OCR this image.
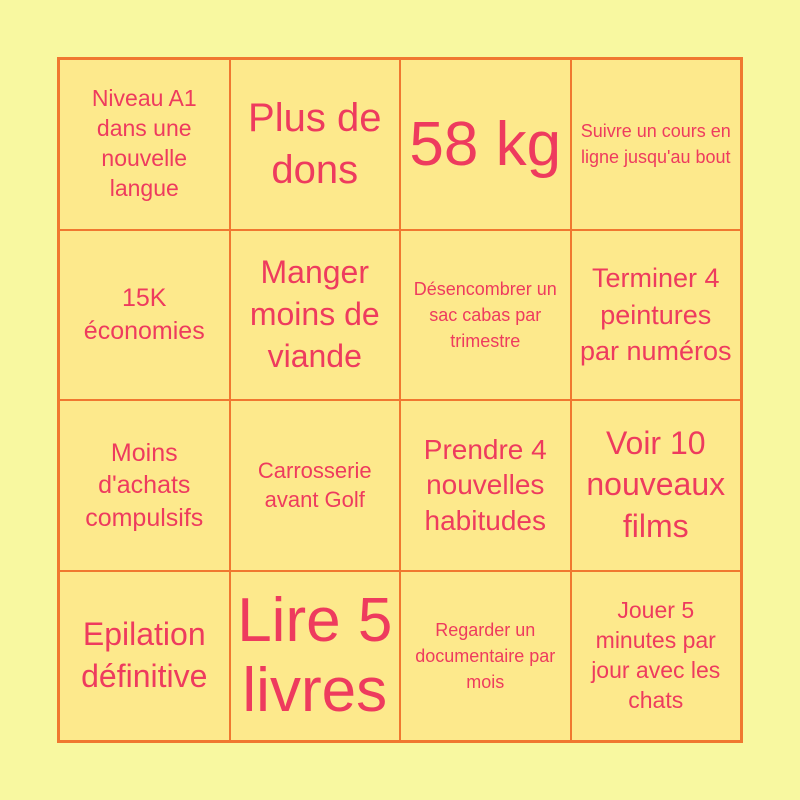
Niveau A1 dans une nouvelle langue
Plus de dons 58 kg Suivre un cours en ligne jusqu'au bout
15K économies
Manger moins de viande
Désencombrer un sac cabas par trimestre
Terminer 4 peintures par numéros
Moins d'achats compulsifs
Carrosserie avant Golf
Prendre 4 nouvelles habitudes
Voir 10 nouveaux films
Epilation définitive
Lire 5 livres
Regarder un documentaire par mois
Jouer 5 minutes par jour avec les chats
